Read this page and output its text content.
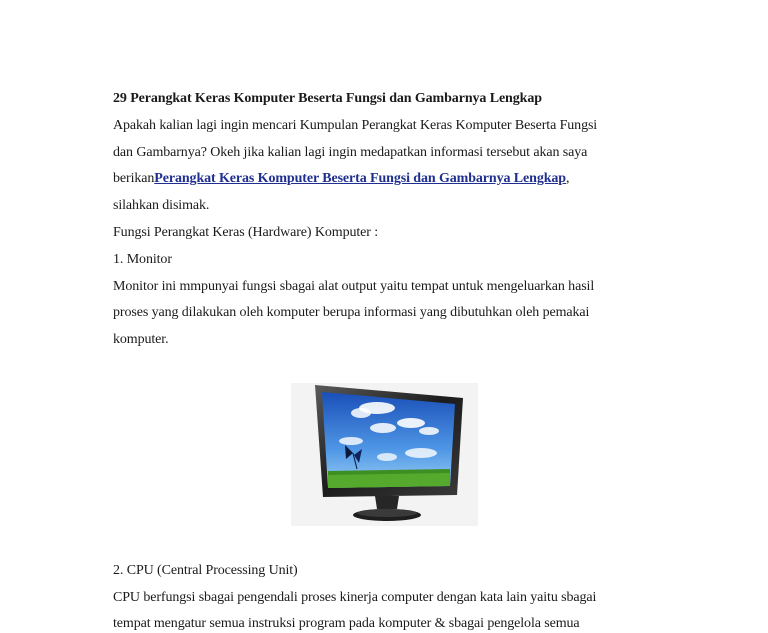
29 Perangkat Keras Komputer Beserta Fungsi dan Gambarnya Lengkap
Apakah kalian lagi ingin mencari Kumpulan Perangkat Keras Komputer Beserta Fungsi
dan Gambarnya? Okeh jika kalian lagi ingin medapatkan informasi tersebut akan saya
berikanPerangkat Keras Komputer Beserta Fungsi dan Gambarnya Lengkap,
silahkan disimak.
Fungsi Perangkat Keras (Hardware) Komputer :
1. Monitor
Monitor ini mmpunyai fungsi sbagai alat output yaitu tempat untuk mengeluarkan hasil
proses yang dilakukan oleh komputer berupa informasi yang dibutuhkan oleh pemakai
komputer.
2. CPU (Central Processing Unit)
CPU berfungsi sbagai pengendali proses kinerja computer dengan kata lain yaitu sbagai
tempat mengatur semua instruksi program pada komputer & sbagai pengelola semua
